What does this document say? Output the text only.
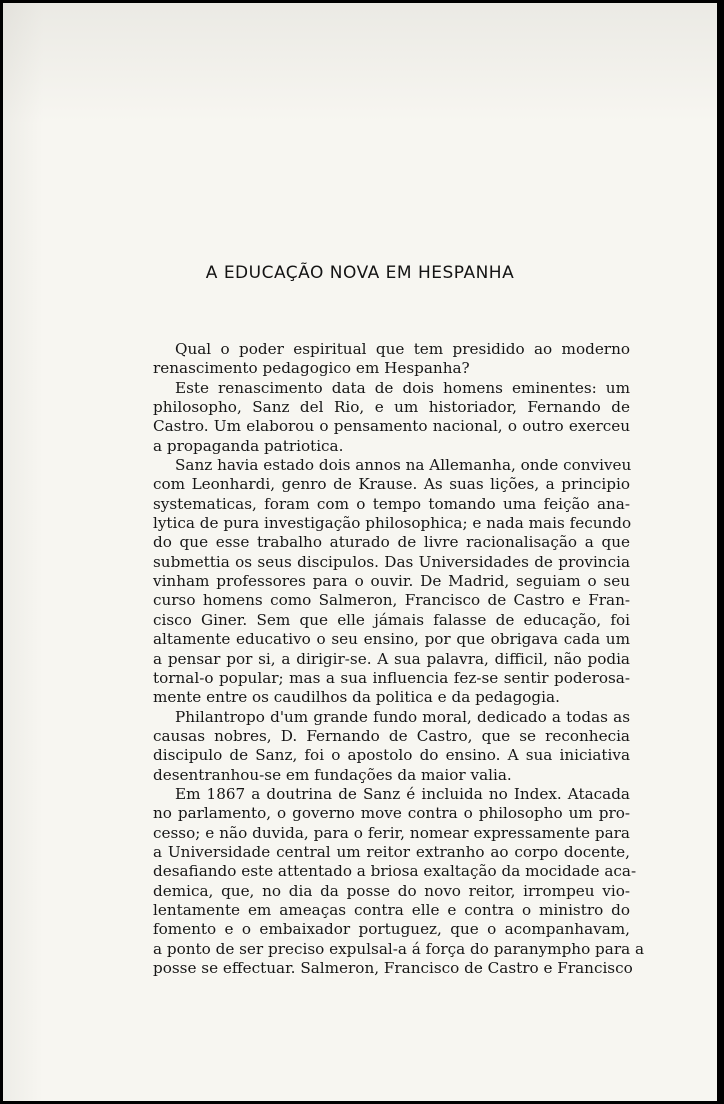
A EDUCAÇÃO NOVA EM HESPANHA
Qual o poder espiritual que tem presidido ao moderno
renascimento pedagogico em Hespanha?
Este renascimento data de dois homens eminentes: um
philosopho, Sanz del Rio, e um historiador, Fernando de
Castro. Um elaborou o pensamento nacional, o outro exerceu
a propaganda patriotica.
Sanz havia estado dois annos na Allemanha, onde conviveu
com Leonhardi, genro de Krause. As suas lições, a principio
systematicas, foram com o tempo tomando uma feição ana-
lytica de pura investigação philosophica; e nada mais fecundo
do que esse trabalho aturado de livre racionalisação a que
submettia os seus discipulos. Das Universidades de provincia
vinham professores para o ouvir. De Madrid, seguiam o seu
curso homens como Salmeron, Francisco de Castro e Fran-
cisco Giner. Sem que elle jámais falasse de educação, foi
altamente educativo o seu ensino, por que obrigava cada um
a pensar por si, a dirigir-se. A sua palavra, difficil, não podia
tornal-o popular; mas a sua influencia fez-se sentir poderosa-
mente entre os caudilhos da politica e da pedagogia.
Philantropo d'um grande fundo moral, dedicado a todas as
causas nobres, D. Fernando de Castro, que se reconhecia
discipulo de Sanz, foi o apostolo do ensino. A sua iniciativa
desentranhou-se em fundações da maior valia.
Em 1867 a doutrina de Sanz é incluida no Index. Atacada
no parlamento, o governo move contra o philosopho um pro-
cesso; e não duvida, para o ferir, nomear expressamente para
a Universidade central um reitor extranho ao corpo docente,
desafiando este attentado a briosa exaltação da mocidade aca-
demica, que, no dia da posse do novo reitor, irrompeu vio-
lentamente em ameaças contra elle e contra o ministro do
fomento e o embaixador portuguez, que o acompanhavam,
a ponto de ser preciso expulsal-a á força do paranympho para a
posse se effectuar. Salmeron, Francisco de Castro e Francisco
